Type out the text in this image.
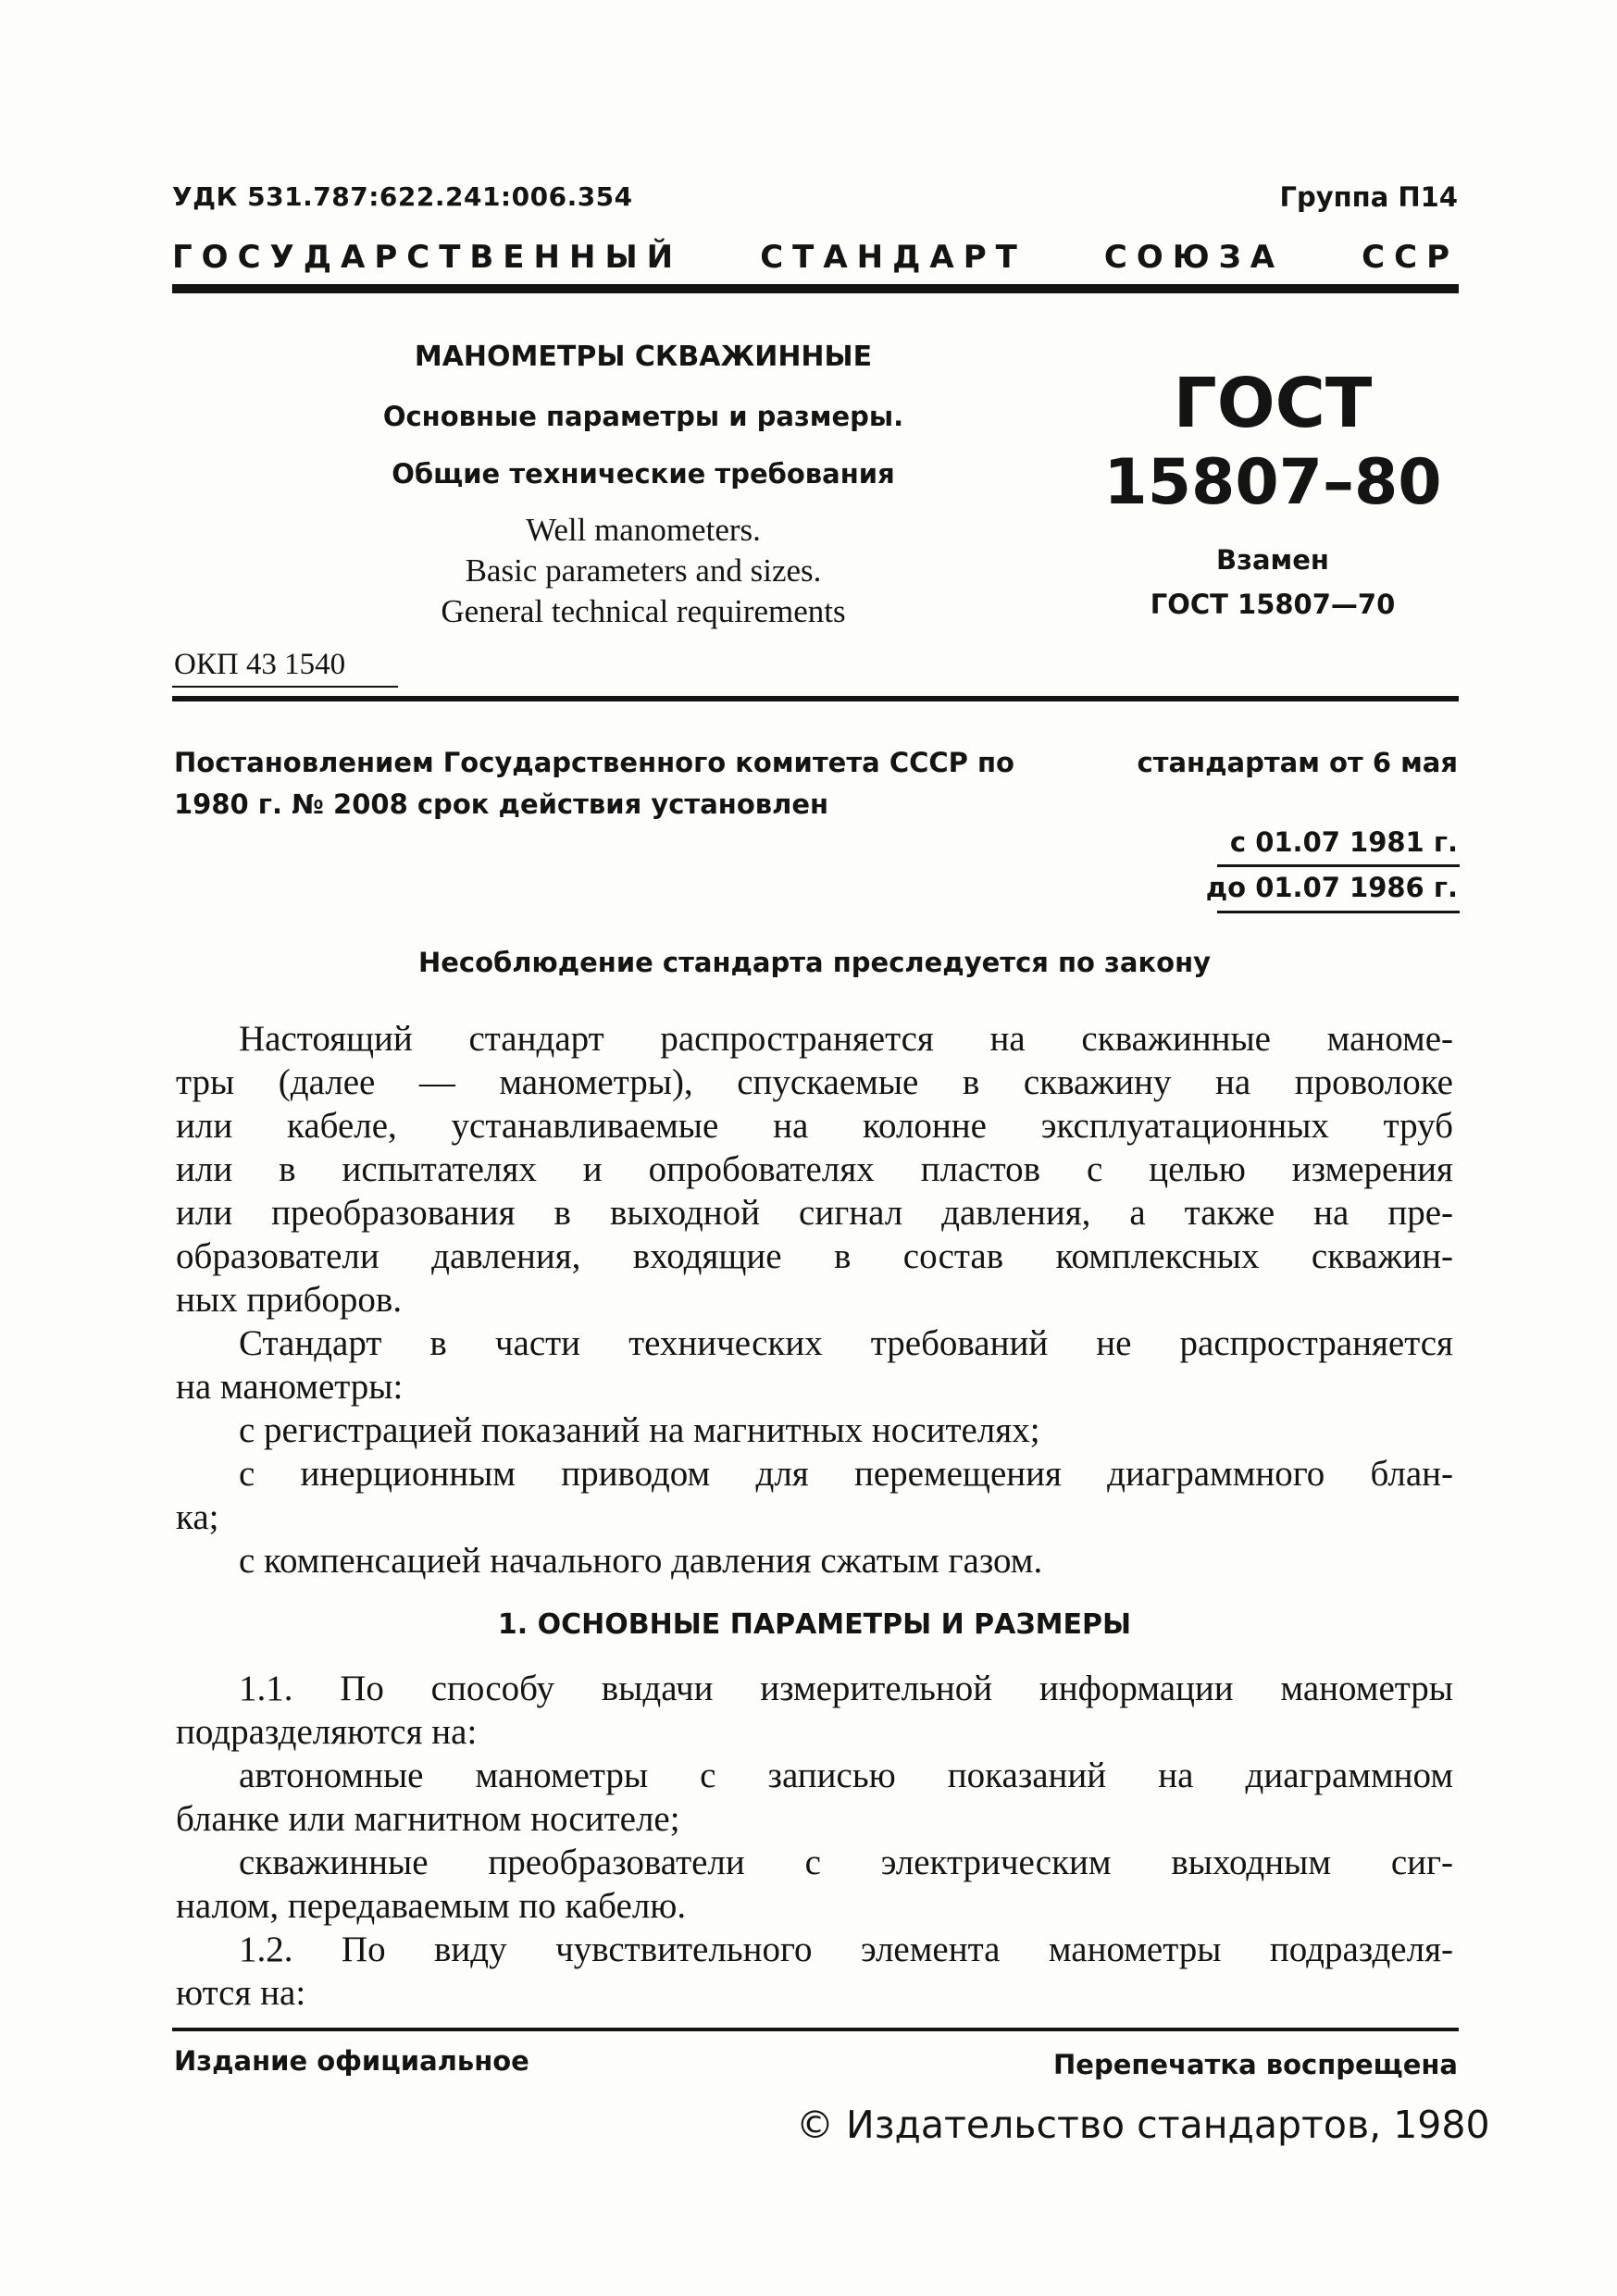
УДК 531.787:622.241:006.354	Группа П14
ГОСУДАРСТВЕННЫЙ СТАНДАРТ СОЮЗА ССР
МАНОМЕТРЫ СКВАЖИННЫЕ
Основные параметры и размеры.
Общие технические требования
Well manometers.
Basic parameters and sizes.
General technical requirements
ОКП 43 1540
ГОСТ
15807–80
Взамен
ГОСТ 15807—70
Постановлением Государственного комитета СССР по	стандартам от 6 мая
1980 г. № 2008 срок действия установлен
с 01.07 1981 г.
до 01.07 1986 г.
Несоблюдение стандарта преследуется по закону
Настоящий стандарт распространяется на скважинные маноме-
тры (далее — манометры), спускаемые в скважину на проволоке
или кабеле, устанавливаемые на колонне эксплуатационных труб
или в испытателях и опробователях пластов с целью измерения
или преобразования в выходной сигнал давления, а также на пре-
образователи давления, входящие в состав комплексных скважин-
ных приборов.
Стандарт в части технических требований не распространяется
на манометры:
с регистрацией показаний на магнитных носителях;
с инерционным приводом для перемещения диаграммного блан-
ка;
с компенсацией начального давления сжатым газом.
1. ОСНОВНЫЕ ПАРАМЕТРЫ И РАЗМЕРЫ
1.1. По способу выдачи измерительной информации манометры
подразделяются на:
автономные манометры с записью показаний на диаграммном
бланке или магнитном носителе;
скважинные преобразователи с электрическим выходным сиг-
налом, передаваемым по кабелю.
1.2. По виду чувствительного элемента манометры подразделя-
ются на:
Издание официальное	Перепечатка воспрещена
© Издательство стандартов, 1980
